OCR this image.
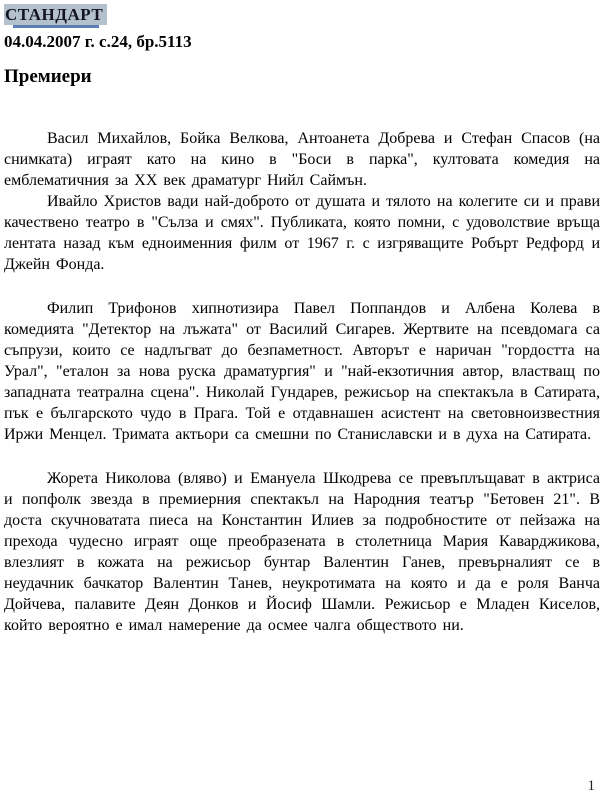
СТАНДАРТ
04.04.2007 г. с.24, бр.5113
Премиери

Васил Михайлов, Бойка Велкова, Антоанета Добрева и Стефан Спасов (на снимката) играят като на кино в "Боси в парка", култовата комедия на емблематичния за XX век драматург Нийл Саймън.

Ивайло Христов вади най-доброто от душата и тялото на колегите си и прави качествено театро в "Сълза и смях". Публиката, която помни, с удоволствие връща лентата назад към едноименния филм от 1967 г. с изгряващите Робърт Редфорд и Джейн Фонда.

Филип Трифонов хипнотизира Павел Поппандов и Албена Колева в комедията "Детектор на лъжата" от Василий Сигарев. Жертвите на псевдомага са съпрузи, които се надлъгват до безпаметност. Авторът е наричан "гордостта на Урал", "еталон за нова руска драматургия" и "най-екзотичния автор, властващ по западната театрална сцена". Николай Гундарев, режисьор на спектакъла в Сатирата, пък е българското чудо в Прага. Той е отдавнашен асистент на световноизвестния Иржи Менцел. Тримата актьори са смешни по Станиславски и в духа на Сатирата.

Жорета Николова (вляво) и Емануела Шкодрева се превъплъщават в актриса и попфолк звезда в премиерния спектакъл на Народния театър "Бетовен 21". В доста скучноватата пиеса на Константин Илиев за подробностите от пейзажа на прехода чудесно играят още преобразената в столетница Мария Каварджикова, влезлият в кожата на режисьор бунтар Валентин Ганев, превърналият се в неудачник бачкатор Валентин Танев, неукротимата на която и да е роля Ванча Дойчева, палавите Деян Донков и Йосиф Шамли. Режисьор е Младен Киселов, който вероятно е имал намерение да осмее чалга обществото ни.

1
